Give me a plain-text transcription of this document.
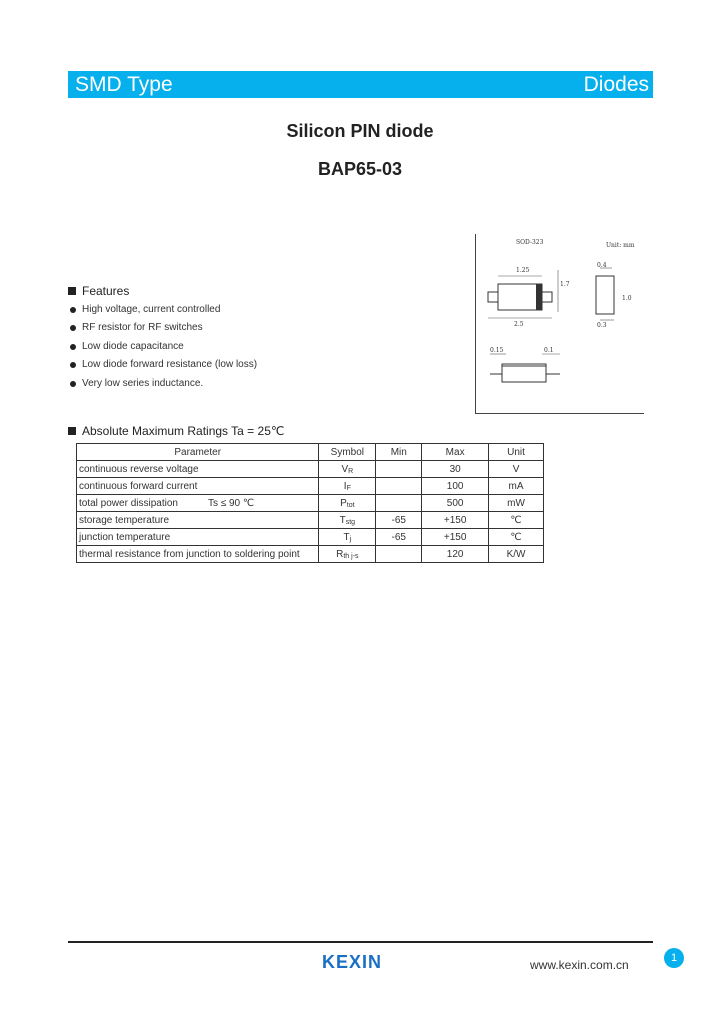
SMD Type	Diodes
Silicon PIN diode
BAP65-03
SOD-323	Unit: mm
1.25
2.5
1.7
0.4
0.3
1.0
0.15	0.1
Features
High voltage, current controlled
RF resistor for RF switches
Low diode capacitance
Low diode forward resistance (low loss)
Very low series inductance.
Absolute Maximum Ratings Ta = 25℃
Parameter	Symbol	Min	Max	Unit
continuous reverse voltage	VR		30	V
continuous forward current	IF		100	mA
total power dissipation Ts ≤ 90 ℃	Ptot		500	mW
storage temperature	Tstg	-65	+150	℃
junction temperature	Tj	-65	+150	℃
thermal resistance from junction to soldering point	Rth j-s		120	K/W
KEXIN	www.kexin.com.cn	1
